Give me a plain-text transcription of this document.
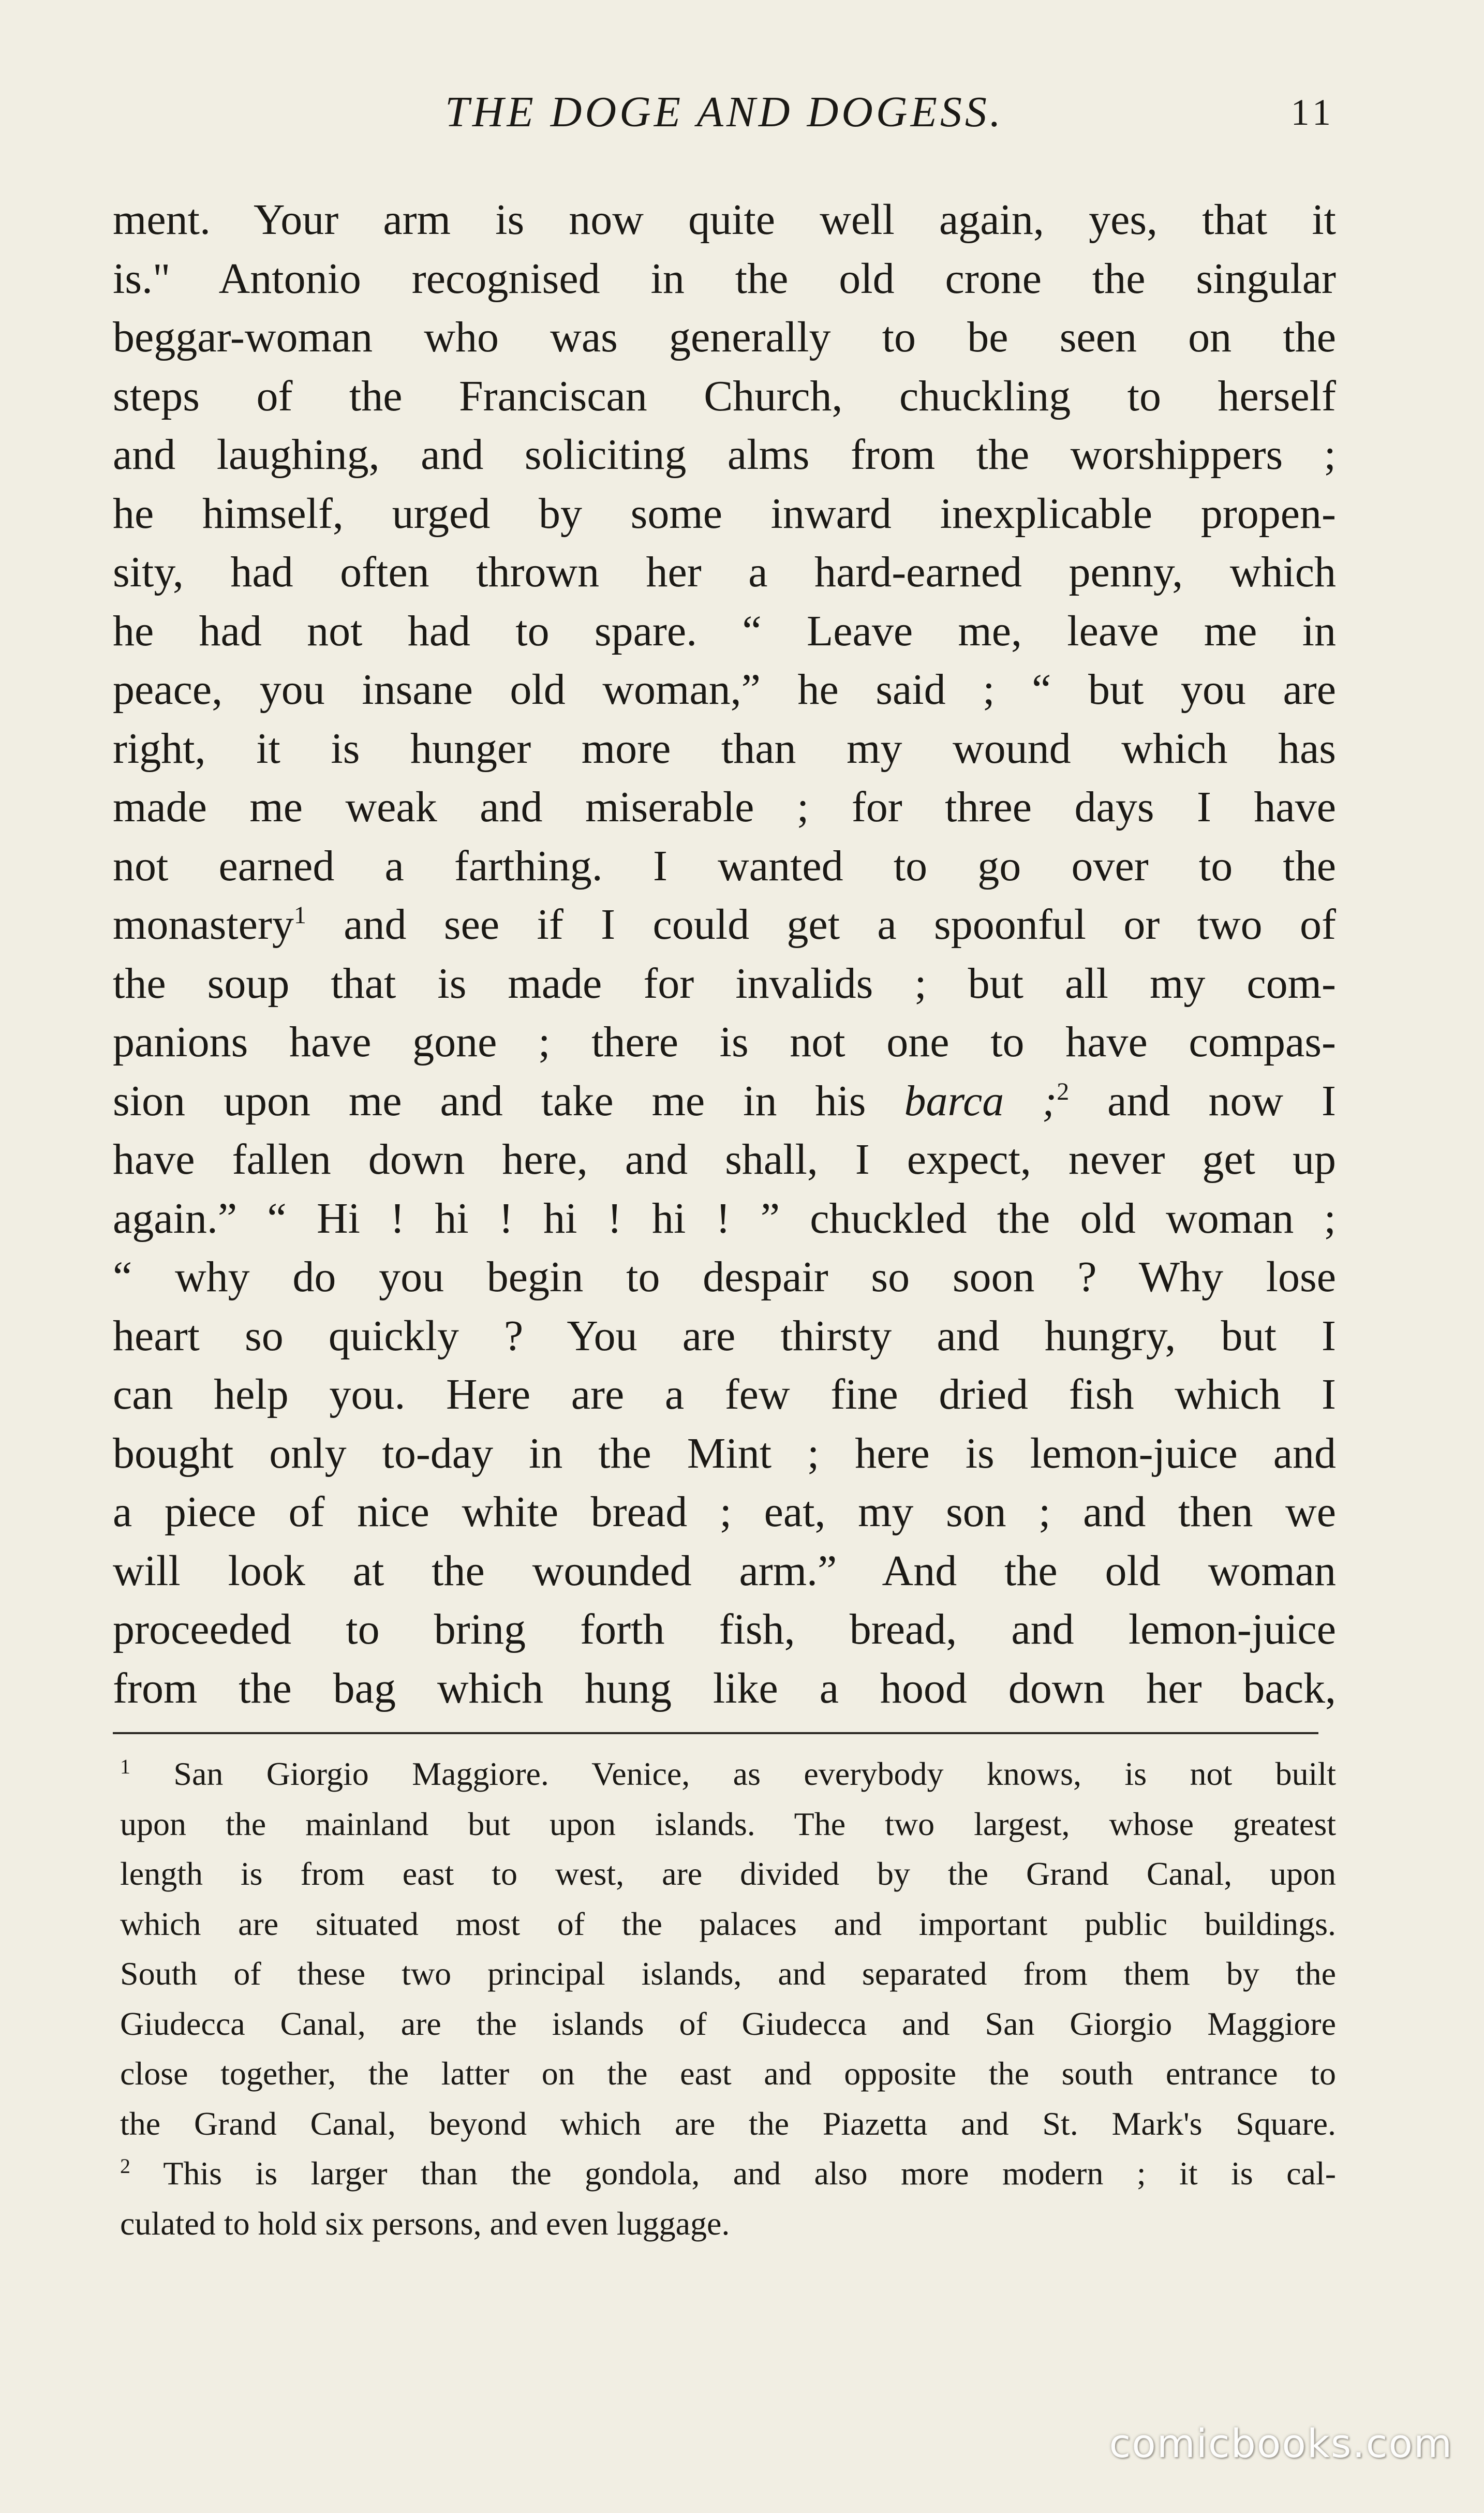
THE DOGE AND DOGESS.	11
ment. Your arm is now quite well again, yes, that it
is." Antonio recognised in the old crone the singular
beggar-woman who was generally to be seen on the
steps of the Franciscan Church, chuckling to herself
and laughing, and soliciting alms from the worshippers ;
he himself, urged by some inward inexplicable propen-
sity, had often thrown her a hard-earned penny, which
he had not had to spare. “ Leave me, leave me in
peace, you insane old woman,” he said ; “ but you are
right, it is hunger more than my wound which has
made me weak and miserable ; for three days I have
not earned a farthing. I wanted to go over to the
monastery$^1$ and see if I could get a spoonful or two of
the soup that is made for invalids ; but all my com-
panions have gone ; there is not one to have compas-
sion upon me and take me in his barca ;$^2$ and now I
have fallen down here, and shall, I expect, never get up
again.” “ Hi ! hi ! hi ! hi ! ” chuckled the old woman ;
“ why do you begin to despair so soon ? Why lose
heart so quickly ? You are thirsty and hungry, but I
can help you. Here are a few fine dried fish which I
bought only to-day in the Mint ; here is lemon-juice and
a piece of nice white bread ; eat, my son ; and then we
will look at the wounded arm.” And the old woman
proceeded to bring forth fish, bread, and lemon-juice
from the bag which hung like a hood down her back,
$^1$ San Giorgio Maggiore. Venice, as everybody knows, is not built
upon the mainland but upon islands. The two largest, whose greatest
length is from east to west, are divided by the Grand Canal, upon
which are situated most of the palaces and important public buildings.
South of these two principal islands, and separated from them by the
Giudecca Canal, are the islands of Giudecca and San Giorgio Maggiore
close together, the latter on the east and opposite the south entrance to
the Grand Canal, beyond which are the Piazetta and St. Mark's Square.
$^2$ This is larger than the gondola, and also more modern ; it is cal-
culated to hold six persons, and even luggage.
comicbooks.com
